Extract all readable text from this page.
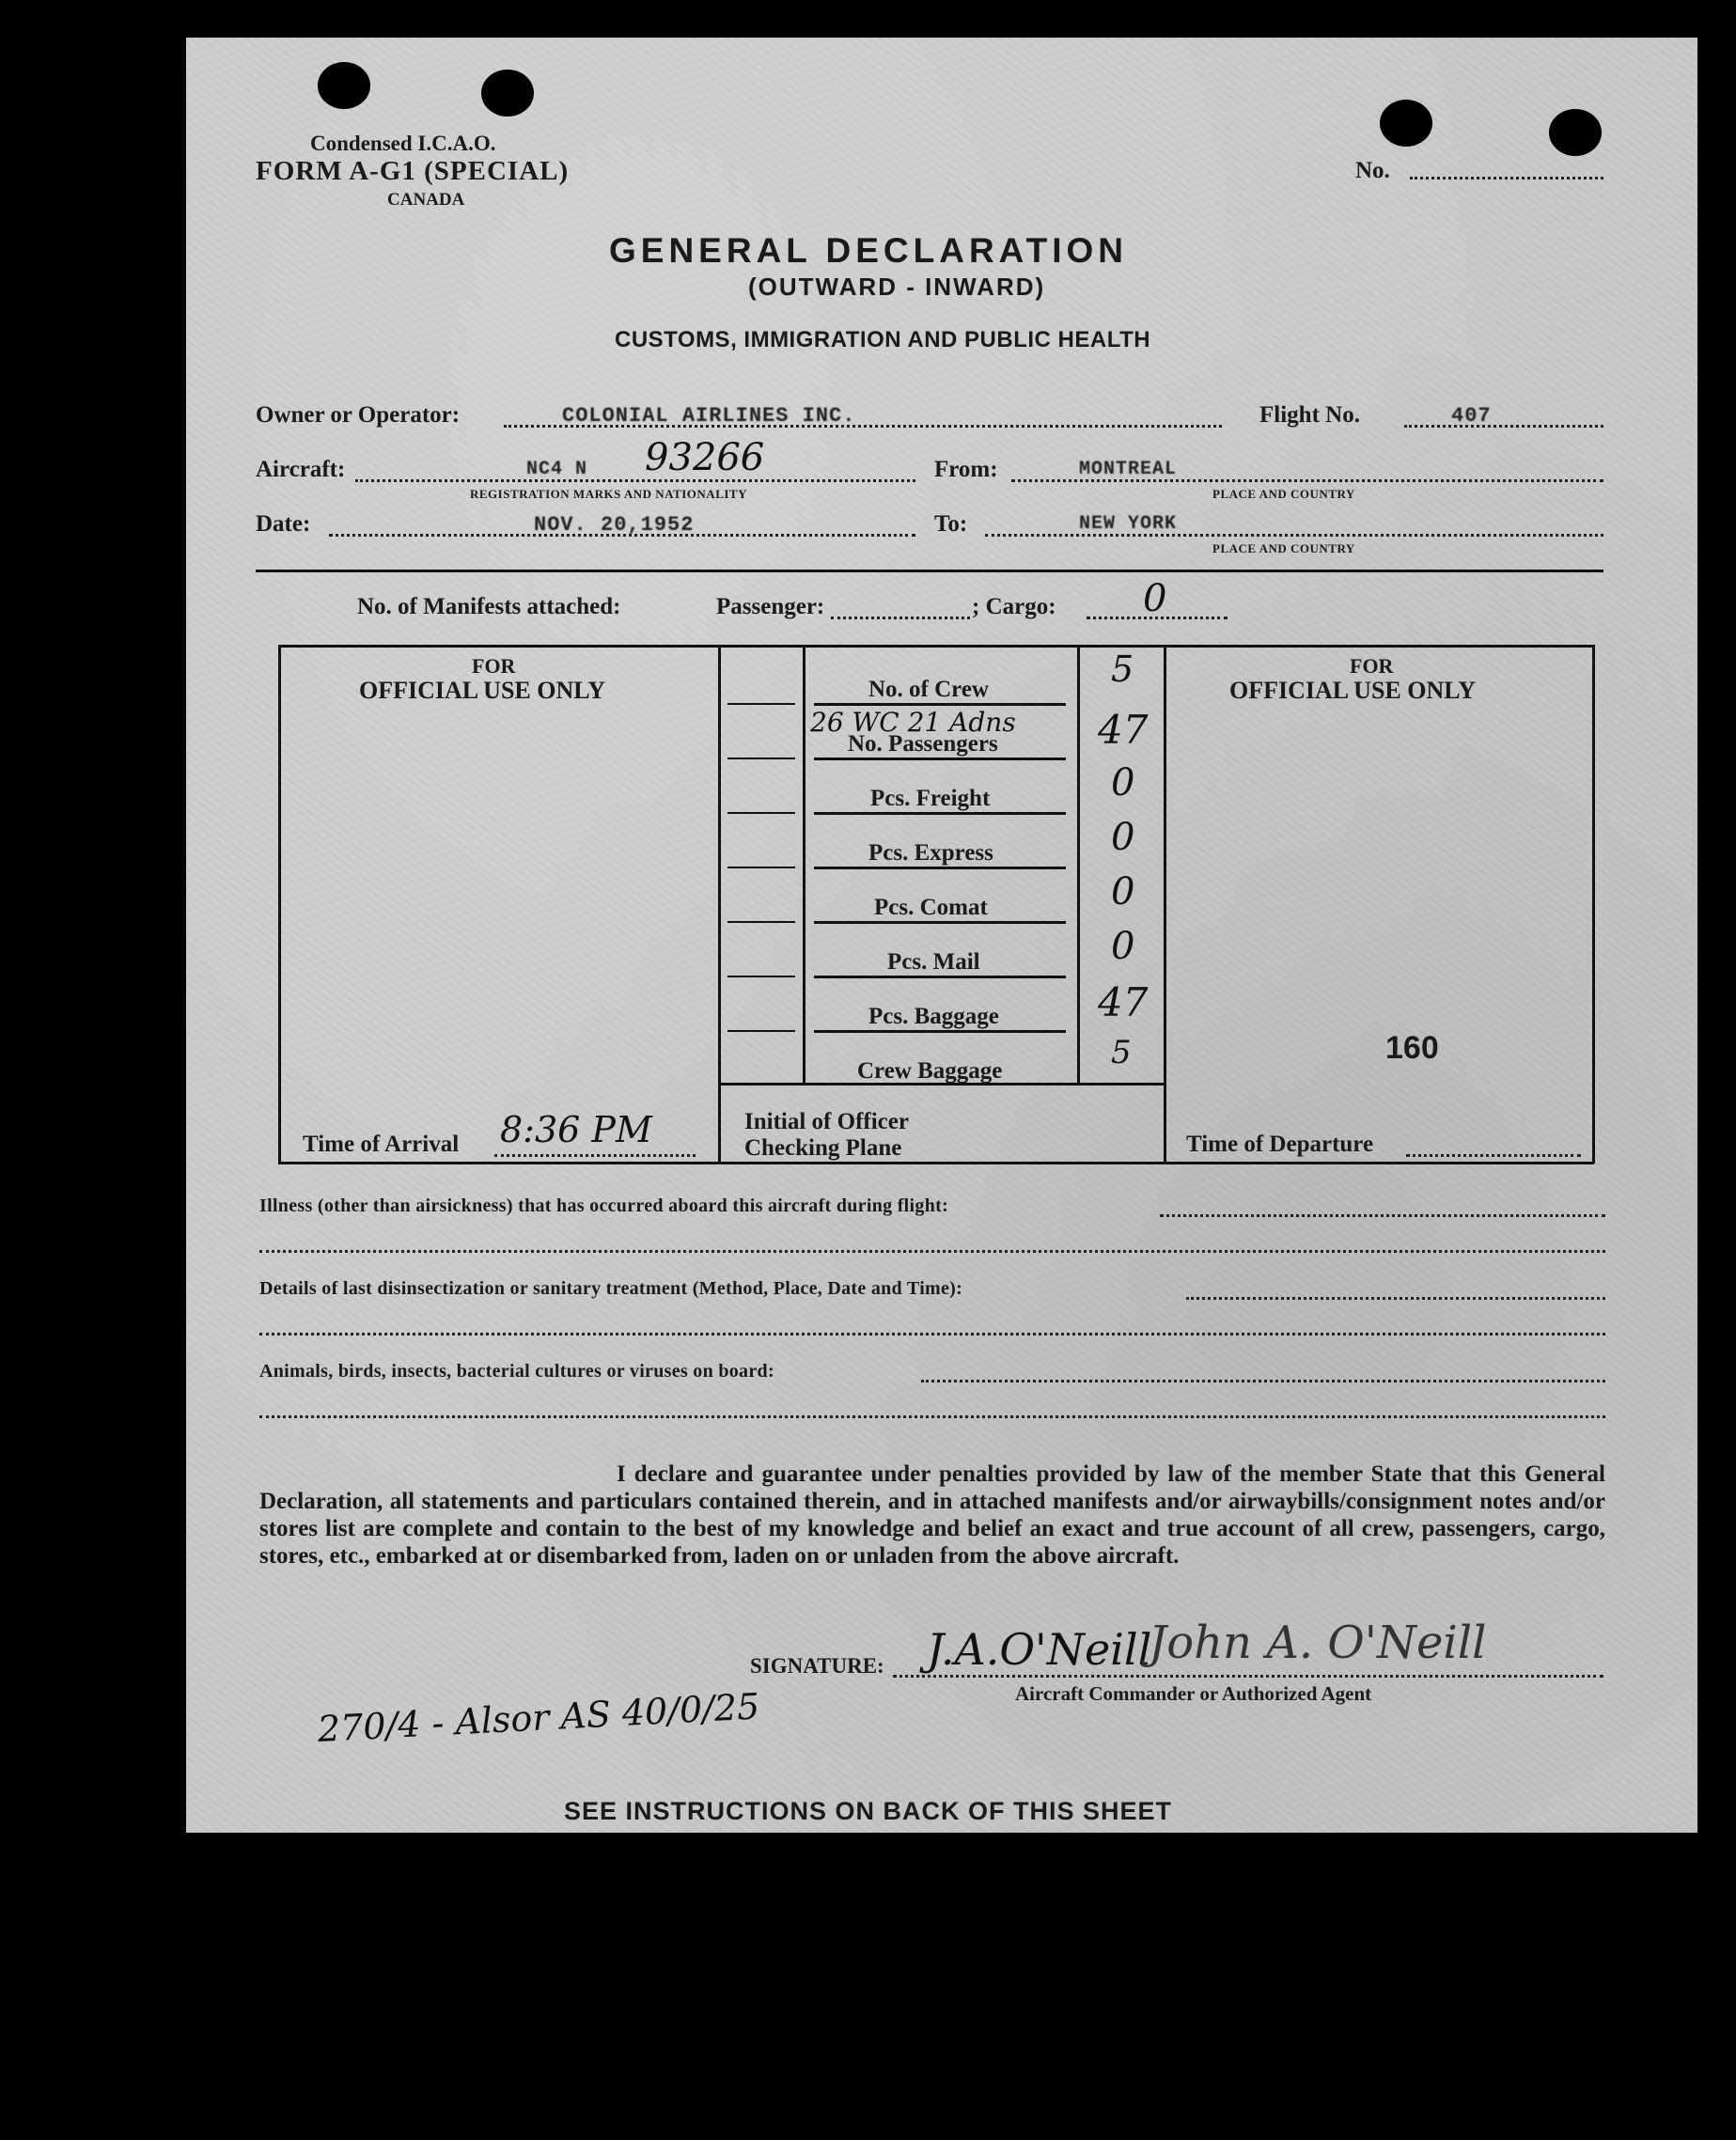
Condensed I.C.A.O.
FORM A-G1 (SPECIAL)
CANADA
No.
GENERAL DECLARATION
(OUTWARD - INWARD)
CUSTOMS, IMMIGRATION AND PUBLIC HEALTH
Owner or Operator:	COLONIAL AIRLINES INC.	Flight No.	407
Aircraft:	NC4 N 93266
REGISTRATION MARKS AND NATIONALITY
From:	MONTREAL
PLACE AND COUNTRY
Date:	NOV. 20,1952	To:	NEW YORK
PLACE AND COUNTRY
No. of Manifests attached:	Passenger:	; Cargo: 0
FOR
OFFICIAL USE ONLY
Time of Arrival 8:36 PM
FOR
OFFICIAL USE ONLY
160
Time of Departure
No. of Crew	5
26 WC 21 Adns
No. Passengers	47
Pcs. Freight	0
Pcs. Express	0
Pcs. Comat	0
Pcs. Mail	0
Pcs. Baggage	47
Crew Baggage	5
Initial of Officer
Checking Plane
Illness (other than airsickness) that has occurred aboard this aircraft during flight:
Details of last disinsectization or sanitary treatment (Method, Place, Date and Time):
Animals, birds, insects, bacterial cultures or viruses on board:
I declare and guarantee under penalties provided by law of the member State that this General Declaration, all statements and particulars contained therein, and in attached manifests and/or airwaybills/consignment notes and/or stores list are complete and contain to the best of my knowledge and belief an exact and true account of all crew, passengers, cargo, stores, etc., embarked at or disembarked from, laden on or unladen from the above aircraft.
SIGNATURE: J.A.O'Neill
John A. O'Neill
Aircraft Commander or Authorized Agent
270/4 - Alsor AS 40/0/25
SEE INSTRUCTIONS ON BACK OF THIS SHEET
